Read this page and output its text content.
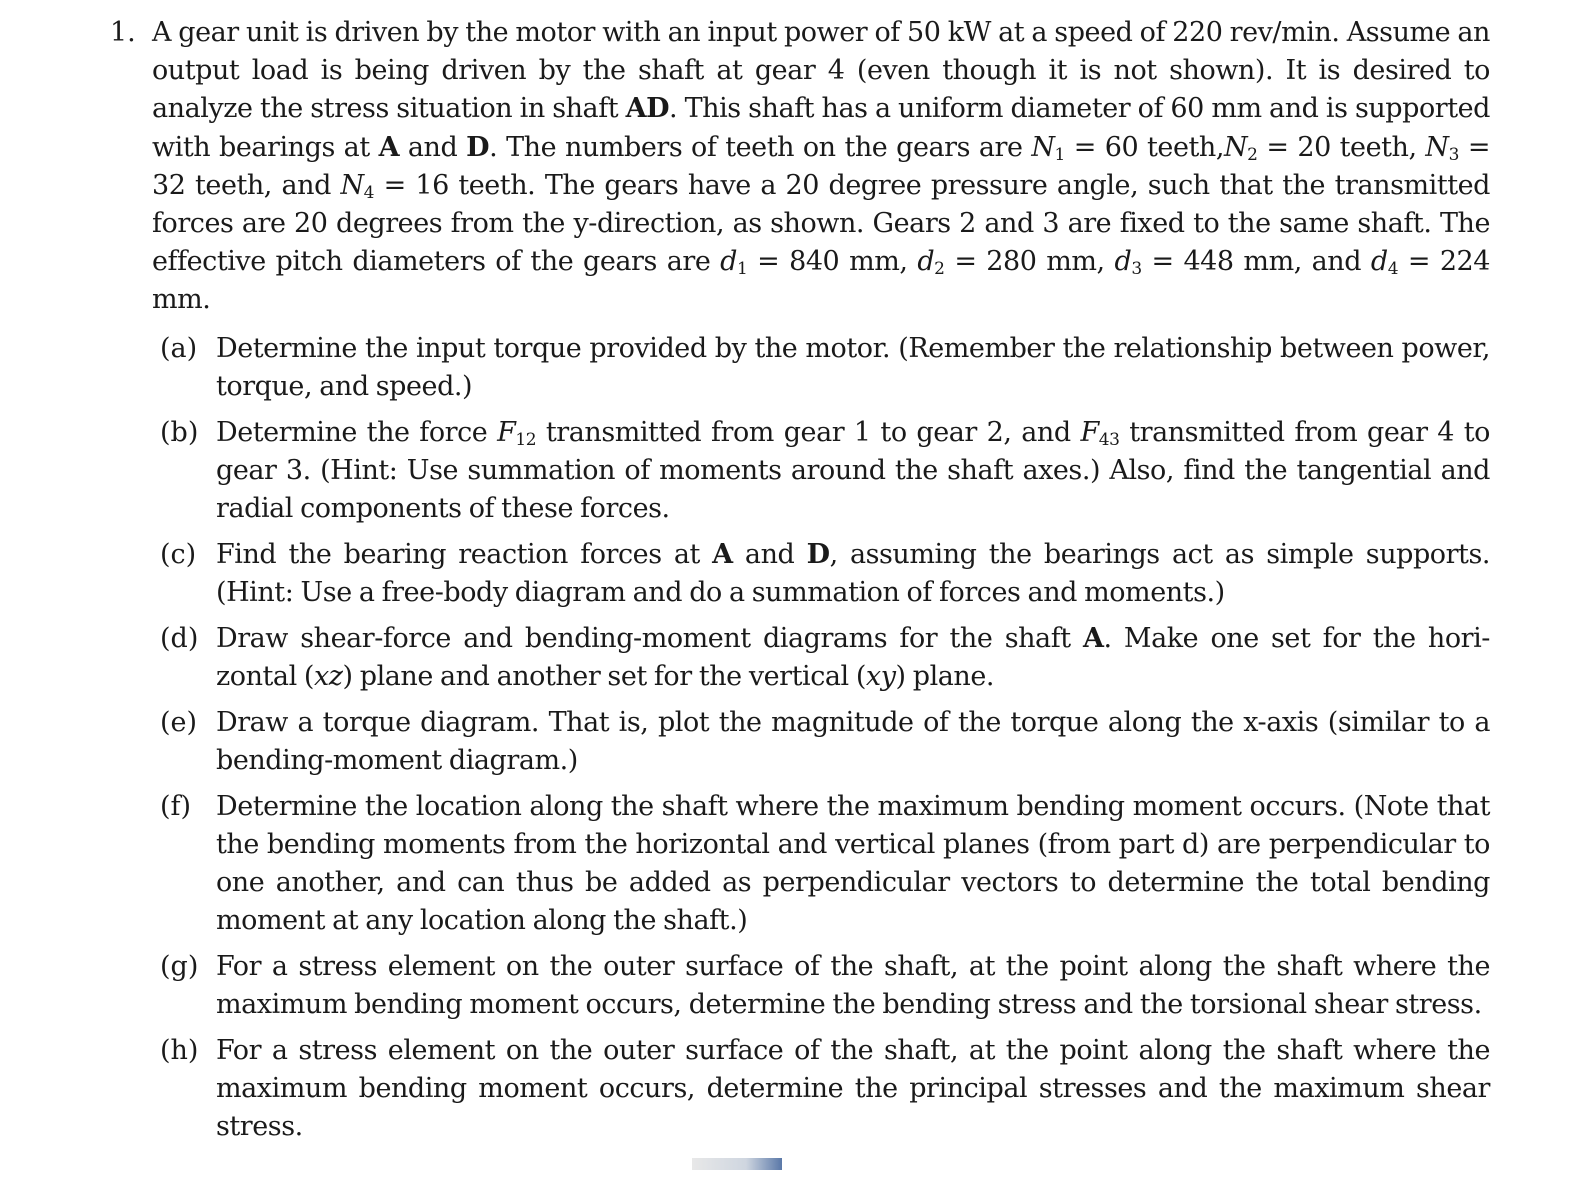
1. A gear unit is driven by the motor with an input power of 50 kW at a speed of 220 rev/min. Assume an output load is being driven by the shaft at gear 4 (even though it is not shown). It is desired to analyze the stress situation in shaft AD. This shaft has a uniform diameter of 60 mm and is supported with bearings at A and D. The numbers of teeth on the gears are $N_1 = 60$ $teeth,N_2 = 20$ teeth, $N_3 = 32$ teeth, and $N_4 = 16$ teeth. The gears have a 20 degree pressure angle, such that the transmitted forces are 20 degrees from the y-direction, as shown. Gears 2 and 3 are fixed to the same shaft. The effective pitch diameters of the gears are $d_1 = 840$ mm, $d_2 = 280$ mm, $d_3 = 448$ mm, and $d_4 = 224$ mm.

(a) Determine the input torque provided by the motor. (Remember the relationship between power, torque, and speed.)
(b) Determine the force $F_{12}$ transmitted from gear 1 to gear 2, and $F_{43}$ transmitted from gear 4 to gear 3. (Hint: Use summation of moments around the shaft axes.) Also, find the tangential and radial components of these forces.
(c) Find the bearing reaction forces at A and D, assuming the bearings act as simple supports. (Hint: Use a free-body diagram and do a summation of forces and moments.)
(d) Draw shear-force and bending-moment diagrams for the shaft A. Make one set for the hori- zontal (xz) plane and another set for the vertical (xy) plane.
(e) Draw a torque diagram. That is, plot the magnitude of the torque along the x-axis (similar to a bending-moment diagram.)
(f) Determine the location along the shaft where the maximum bending moment occurs. (Note that the bending moments from the horizontal and vertical planes (from part d) are perpendicular to one another, and can thus be added as perpendicular vectors to determine the total bending moment at any location along the shaft.)
(g) For a stress element on the outer surface of the shaft, at the point along the shaft where the maximum bending moment occurs, determine the bending stress and the torsional shear stress.
(h) For a stress element on the outer surface of the shaft, at the point along the shaft where the maximum bending moment occurs, determine the principal stresses and the maximum shear stress.
